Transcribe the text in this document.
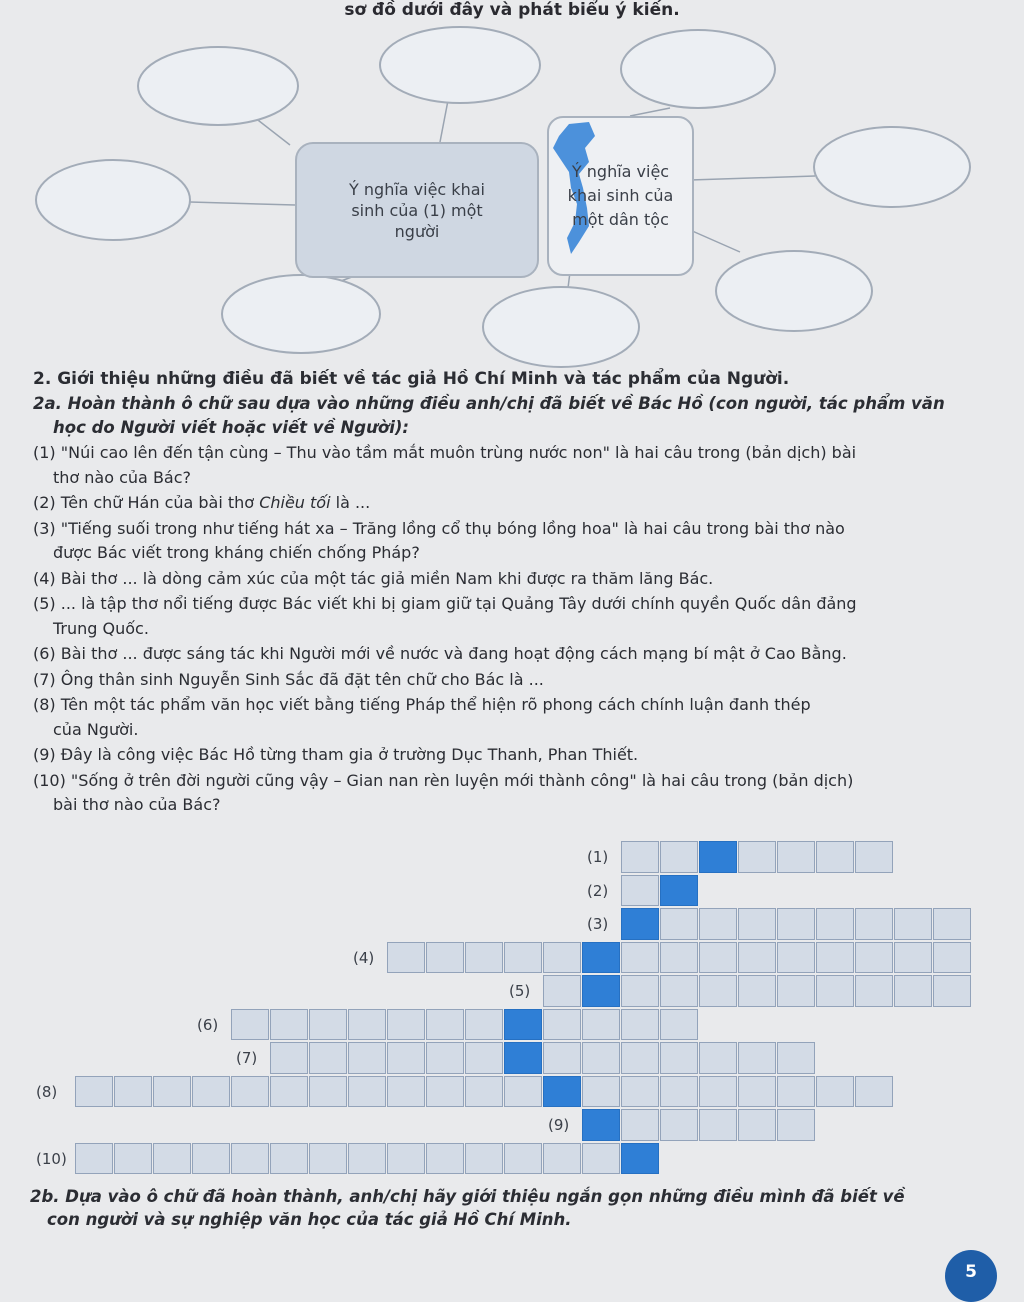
sơ đồ dưới đây và phát biểu ý kiến.
Ý nghĩa việc khai sinh của (1) một người
Ý nghĩa việc khai sinh của một dân tộc

2. Giới thiệu những điều đã biết về tác giả Hồ Chí Minh và tác phẩm của Người.

2a. Hoàn thành ô chữ sau dựa vào những điều anh/chị đã biết về Bác Hồ (con người, tác phẩm văn
học do Người viết hoặc viết về Người):

(1) "Núi cao lên đến tận cùng – Thu vào tầm mắt muôn trùng nước non" là hai câu trong (bản dịch) bài
thơ nào của Bác?

(2) Tên chữ Hán của bài thơ Chiều tối là ...

(3) "Tiếng suối trong như tiếng hát xa – Trăng lồng cổ thụ bóng lồng hoa" là hai câu trong bài thơ nào
được Bác viết trong kháng chiến chống Pháp?

(4) Bài thơ ... là dòng cảm xúc của một tác giả miền Nam khi được ra thăm lăng Bác.

(5) ... là tập thơ nổi tiếng được Bác viết khi bị giam giữ tại Quảng Tây dưới chính quyền Quốc dân đảng
Trung Quốc.

(6) Bài thơ ... được sáng tác khi Người mới về nước và đang hoạt động cách mạng bí mật ở Cao Bằng.

(7) Ông thân sinh Nguyễn Sinh Sắc đã đặt tên chữ cho Bác là ...

(8) Tên một tác phẩm văn học viết bằng tiếng Pháp thể hiện rõ phong cách chính luận đanh thép
của Người.

(9) Đây là công việc Bác Hồ từng tham gia ở trường Dục Thanh, Phan Thiết.

(10) "Sống ở trên đời người cũng vậy – Gian nan rèn luyện mới thành công" là hai câu trong (bản dịch)
bài thơ nào của Bác?

(1)
(2)
(3)
(4)
(5)
(6)
(7)
(8)
(9)
(10)

2b. Dựa vào ô chữ đã hoàn thành, anh/chị hãy giới thiệu ngắn gọn những điều mình đã biết về
con người và sự nghiệp văn học của tác giả Hồ Chí Minh.

5
